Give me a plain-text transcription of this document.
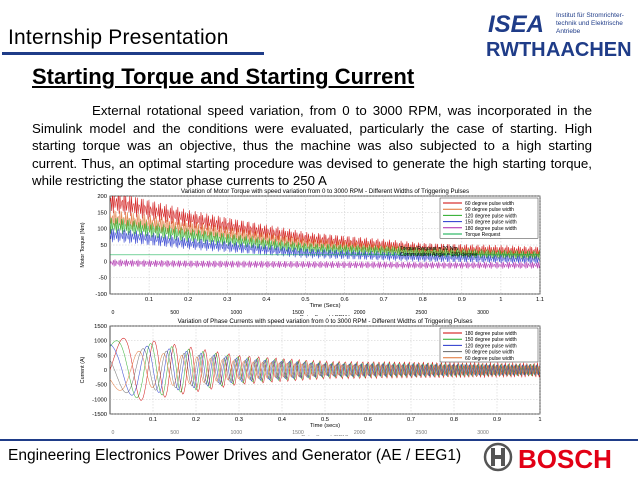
Internship Presentation	ISEA Institut für Stromrichter-
technik und Elektrische
Antriebe
RWTH AACHEN
Starting Torque and Starting Current
External rotational speed variation, from 0 to 3000 RPM, was incorporated in the Simulink model and the conditions were evaluated, particularly the case of starting. High starting torque was an objective, thus the machine was also subjected to a high starting current. Thus, an optimal starting procedure was devised to generate the high starting torque, while restricting the stator phase currents to 250 A
Variation of Motor Torque with speed variation from 0 to 3000 RPM - Different Widths of Triggering Pulses
-100
-50
0
50
100
150
200
0.1	0.2	0.3	0.4	0.5	0.6	0.7	0.8	0.9	1	1.1
0	500	1000	1500	2000	2500	3000
Time (Secs)
Motor Torque (Nm)
60 degree pulse width
90 degree pulse width
120 degree pulse width
150 degree pulse width
180 degree pulse width
Torque Request
Torque Request = 20 Nm
Commutation Angle = 180 degree
Variation of Phase Currents with speed variation from 0 to 3000 RPM - Different Widths of Triggering Pulses
-1500
-1000
-500
0
500
1000
1500
0.1	0.2	0.3	0.4	0.5	0.6	0.7	0.8	0.9	1
0	500	1000	1500	2000	2500	3000
Time (secs)
Current (A)
180 degree pulse width
150 degree pulse width
120 degree pulse width
90 degree pulse width
60 degree pulse width
Engineering Electronics Power Drives and Generator (AE / EEG1) BOSCH
